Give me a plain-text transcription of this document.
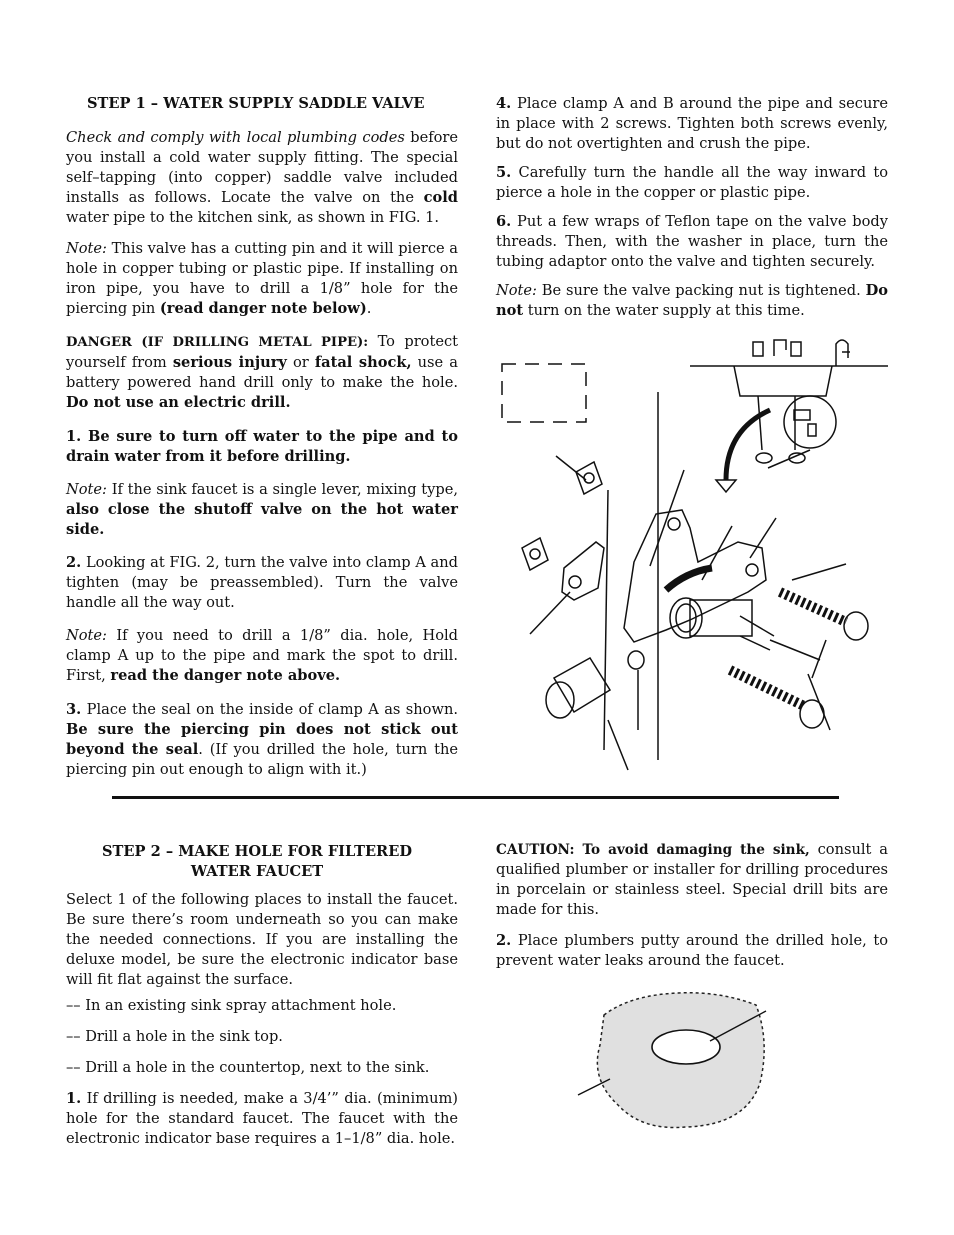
STEP 1 – WATER SUPPLY SADDLE VALVE

Check and comply with local plumbing codes before you install a cold water supply fitting. The special self–tapping (into copper) saddle valve included installs as follows. Locate the valve on the cold water pipe to the kitchen sink, as shown in FIG. 1.

Note: This valve has a cutting pin and it will pierce a hole in copper tubing or plastic pipe. If installing on iron pipe, you have to drill a 1/8” hole for the piercing pin (read danger note below).

DANGER (IF DRILLING METAL PIPE): To protect yourself from serious injury or fatal shock, use a battery powered hand drill only to make the hole. Do not use an electric drill.

1. Be sure to turn off water to the pipe and to drain water from it before drilling.

Note: If the sink faucet is a single lever, mixing type, also close the shutoff valve on the hot water side.

2. Looking at FIG. 2, turn the valve into clamp A and tighten (may be preassembled). Turn the valve handle all the way out.

Note: If you need to drill a 1/8” dia. hole, Hold clamp A up to the pipe and mark the spot to drill. First, read the danger note above.

3. Place the seal on the inside of clamp A as shown. Be sure the piercing pin does not stick out beyond the seal. (If you drilled the hole, turn the piercing pin out enough to align with it.)

4. Place clamp A and B around the pipe and secure in place with 2 screws. Tighten both screws evenly, but do not overtighten and crush the pipe.

5. Carefully turn the handle all the way inward to pierce a hole in the copper or plastic pipe.

6. Put a few wraps of Teflon tape on the valve body threads. Then, with the washer in place, turn the tubing adaptor onto the valve and tighten securely.

Note: Be sure the valve packing nut is tightened. Do not turn on the water supply at this time.

STEP 2 – MAKE HOLE FOR FILTERED
WATER FAUCET

Select 1 of the following places to install the faucet. Be sure there’s room underneath so you can make the needed connections. If you are installing the deluxe model, be sure the electronic indicator base will fit flat against the surface.

–– In an existing sink spray attachment hole.

–– Drill a hole in the sink top.

–– Drill a hole in the countertop, next to the sink.

1. If drilling is needed, make a 3/4’” dia. (minimum) hole for the standard faucet. The faucet with the electronic indicator base requires a 1–1/8” dia. hole.

CAUTION: To avoid damaging the sink, consult a qualified plumber or installer for drilling procedures in porcelain or stainless steel. Special drill bits are made for this.

2. Place plumbers putty around the drilled hole, to prevent water leaks around the faucet.
